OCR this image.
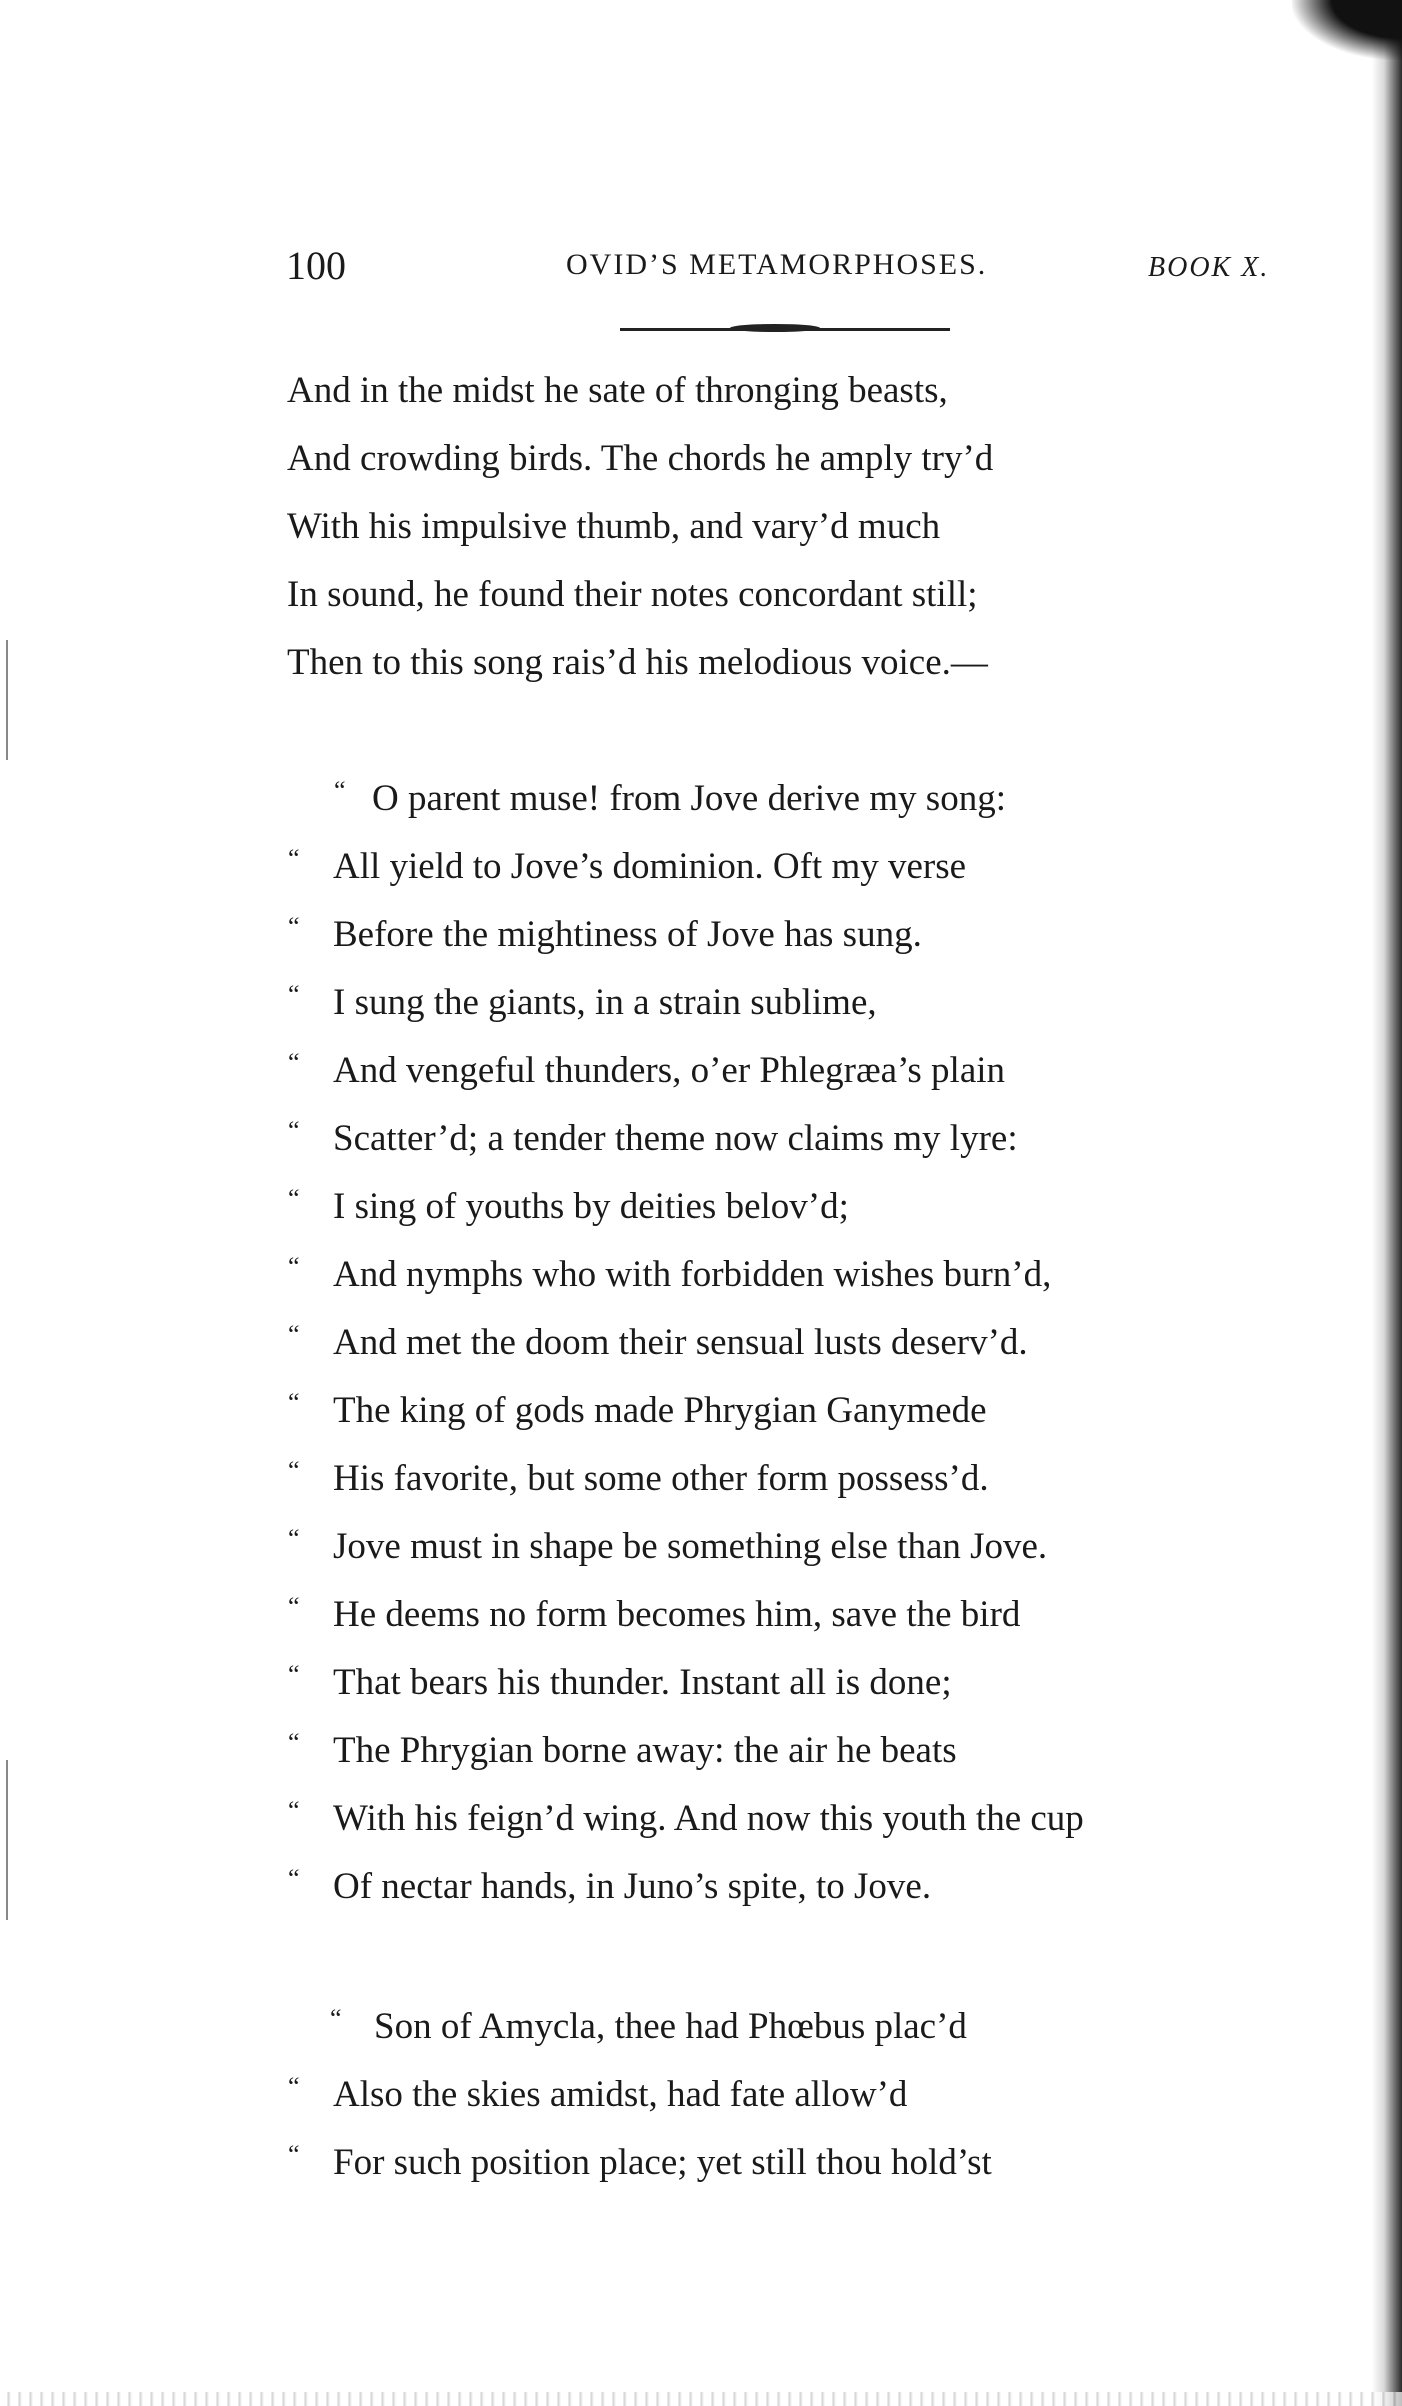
100	OVID’S METAMORPHOSES.	BOOK X.
And in the midst he sate of thronging beasts,
And crowding birds. The chords he amply try’d
With his impulsive thumb, and vary’d much
In sound, he found their notes concordant still;
Then to this song rais’d his melodious voice.—
“ O parent muse! from Jove derive my song:
“ All yield to Jove’s dominion. Oft my verse
“ Before the mightiness of Jove has sung.
“ I sung the giants, in a strain sublime,
“ And vengeful thunders, o’er Phlegræa’s plain
“ Scatter’d; a tender theme now claims my lyre:
“ I sing of youths by deities belov’d;
“ And nymphs who with forbidden wishes burn’d,
“ And met the doom their sensual lusts deserv’d.
“ The king of gods made Phrygian Ganymede
“ His favorite, but some other form possess’d.
“ Jove must in shape be something else than Jove.
“ He deems no form becomes him, save the bird
“ That bears his thunder. Instant all is done;
“ The Phrygian borne away: the air he beats
“ With his feign’d wing. And now this youth the cup
“ Of nectar hands, in Juno’s spite, to Jove.
“ Son of Amycla, thee had Phœbus plac’d
“ Also the skies amidst, had fate allow’d
“ For such position place; yet still thou hold’st
